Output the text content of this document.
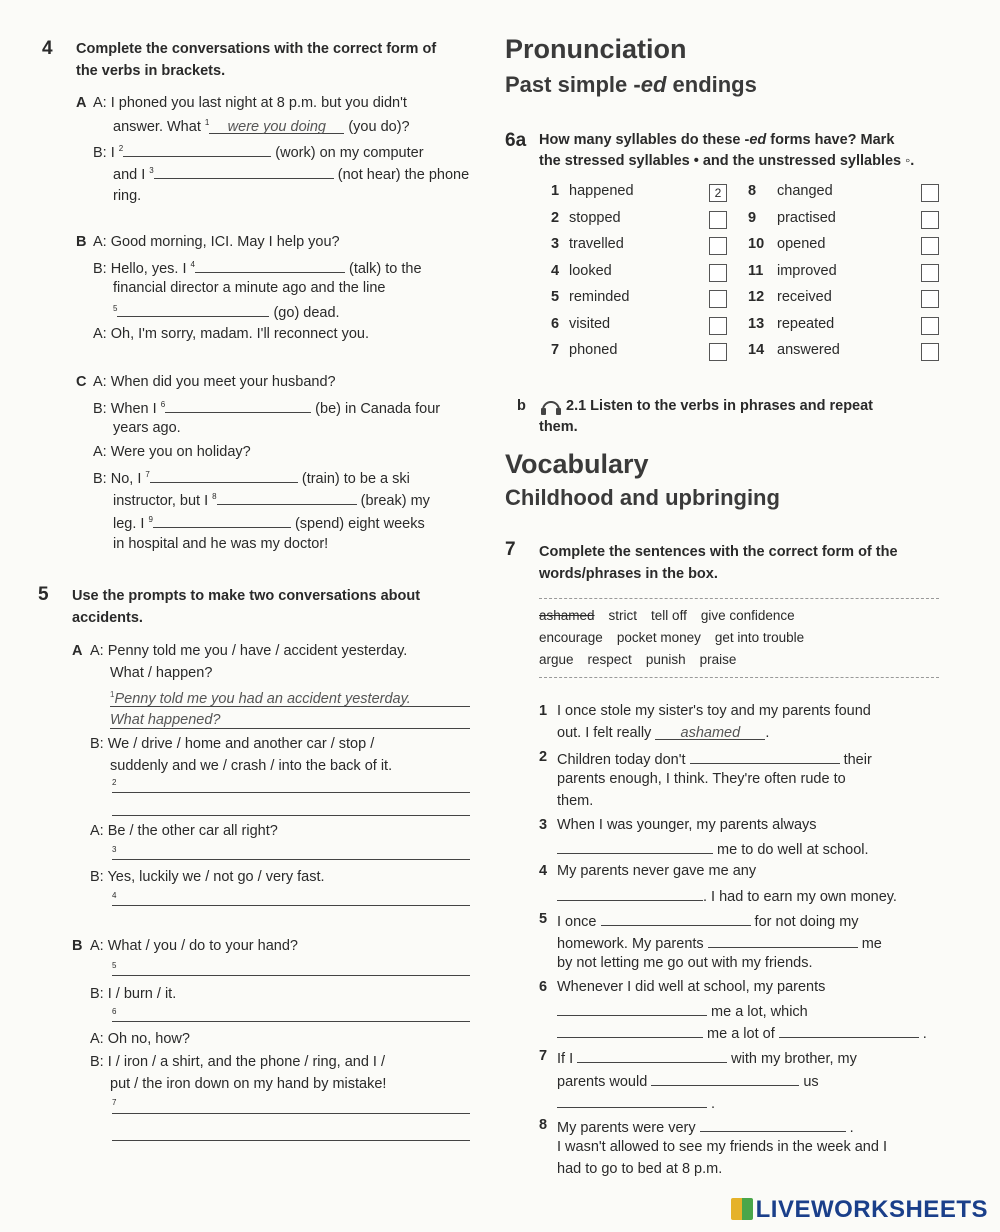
4 Complete the conversations with the correct form of
the verbs in brackets.
A A: I phoned you last night at 8 p.m. but you didn't
answer. What $^1$ were you doing (you do)?
B: I $^2$	(work) on my computer
and I $^3$	(not hear) the phone
ring.
B A: Good morning, ICI. May I help you?
B: Hello, yes. I $^4$	(talk) to the
financial director a minute ago and the line
$^5$	(go) dead.
A: Oh, I'm sorry, madam. I'll reconnect you.
C A: When did you meet your husband?
B: When I $^6$	(be) in Canada four
years ago.
A: Were you on holiday?
B: No, I $^7$	(train) to be a ski
instructor, but I $^8$	(break) my
leg. I $^9$	(spend) eight weeks
in hospital and he was my doctor!
5 Use the prompts to make two conversations about
accidents.
A A: Penny told me you / have / accident yesterday.
What / happen?
$^1$Penny told me you had an accident yesterday.
What happened?
B: We / drive / home and another car / stop /
suddenly and we / crash / into the back of it.
2
A: Be / the other car all right?
3
B: Yes, luckily we / not go / very fast.
4
B A: What / you / do to your hand?
5
B: I / burn / it.
6
A: Oh no, how?
B: I / iron / a shirt, and the phone / ring, and I /
put / the iron down on my hand by mistake!
7
Pronunciation
Past simple -ed endings
6a How many syllables do these -ed forms have? Mark
the stressed syllables • and the unstressed syllables ◦.
1 happened	2
2 stopped
3 travelled
4 looked
5 reminded
6 visited
7 phoned
8 changed
9 practised
10 opened
11 improved
12 received
13 repeated
14 answered
b	2.1 Listen to the verbs in phrases and repeat
them.
Vocabulary
Childhood and upbringing
7 Complete the sentences with the correct form of the
words/phrases in the box.
ashamed strict tell off give confidence
encourage pocket money get into trouble
argue respect punish praise
1 I once stole my sister's toy and my parents found
out. I felt really ashamed .
2 Children today don't	their
parents enough, I think. They're often rude to
them.
3 When I was younger, my parents always
me to do well at school.
4 My parents never gave me any
. I had to earn my own money.
5 I once	for not doing my
homework. My parents	me
by not letting me go out with my friends.
6 Whenever I did well at school, my parents
me a lot, which
me a lot of	.
7 If I	with my brother, my
parents would	us
.
8 My parents were very	.
I wasn't allowed to see my friends in the week and I
had to go to bed at 8 p.m.
LIVEWORKSHEETS
